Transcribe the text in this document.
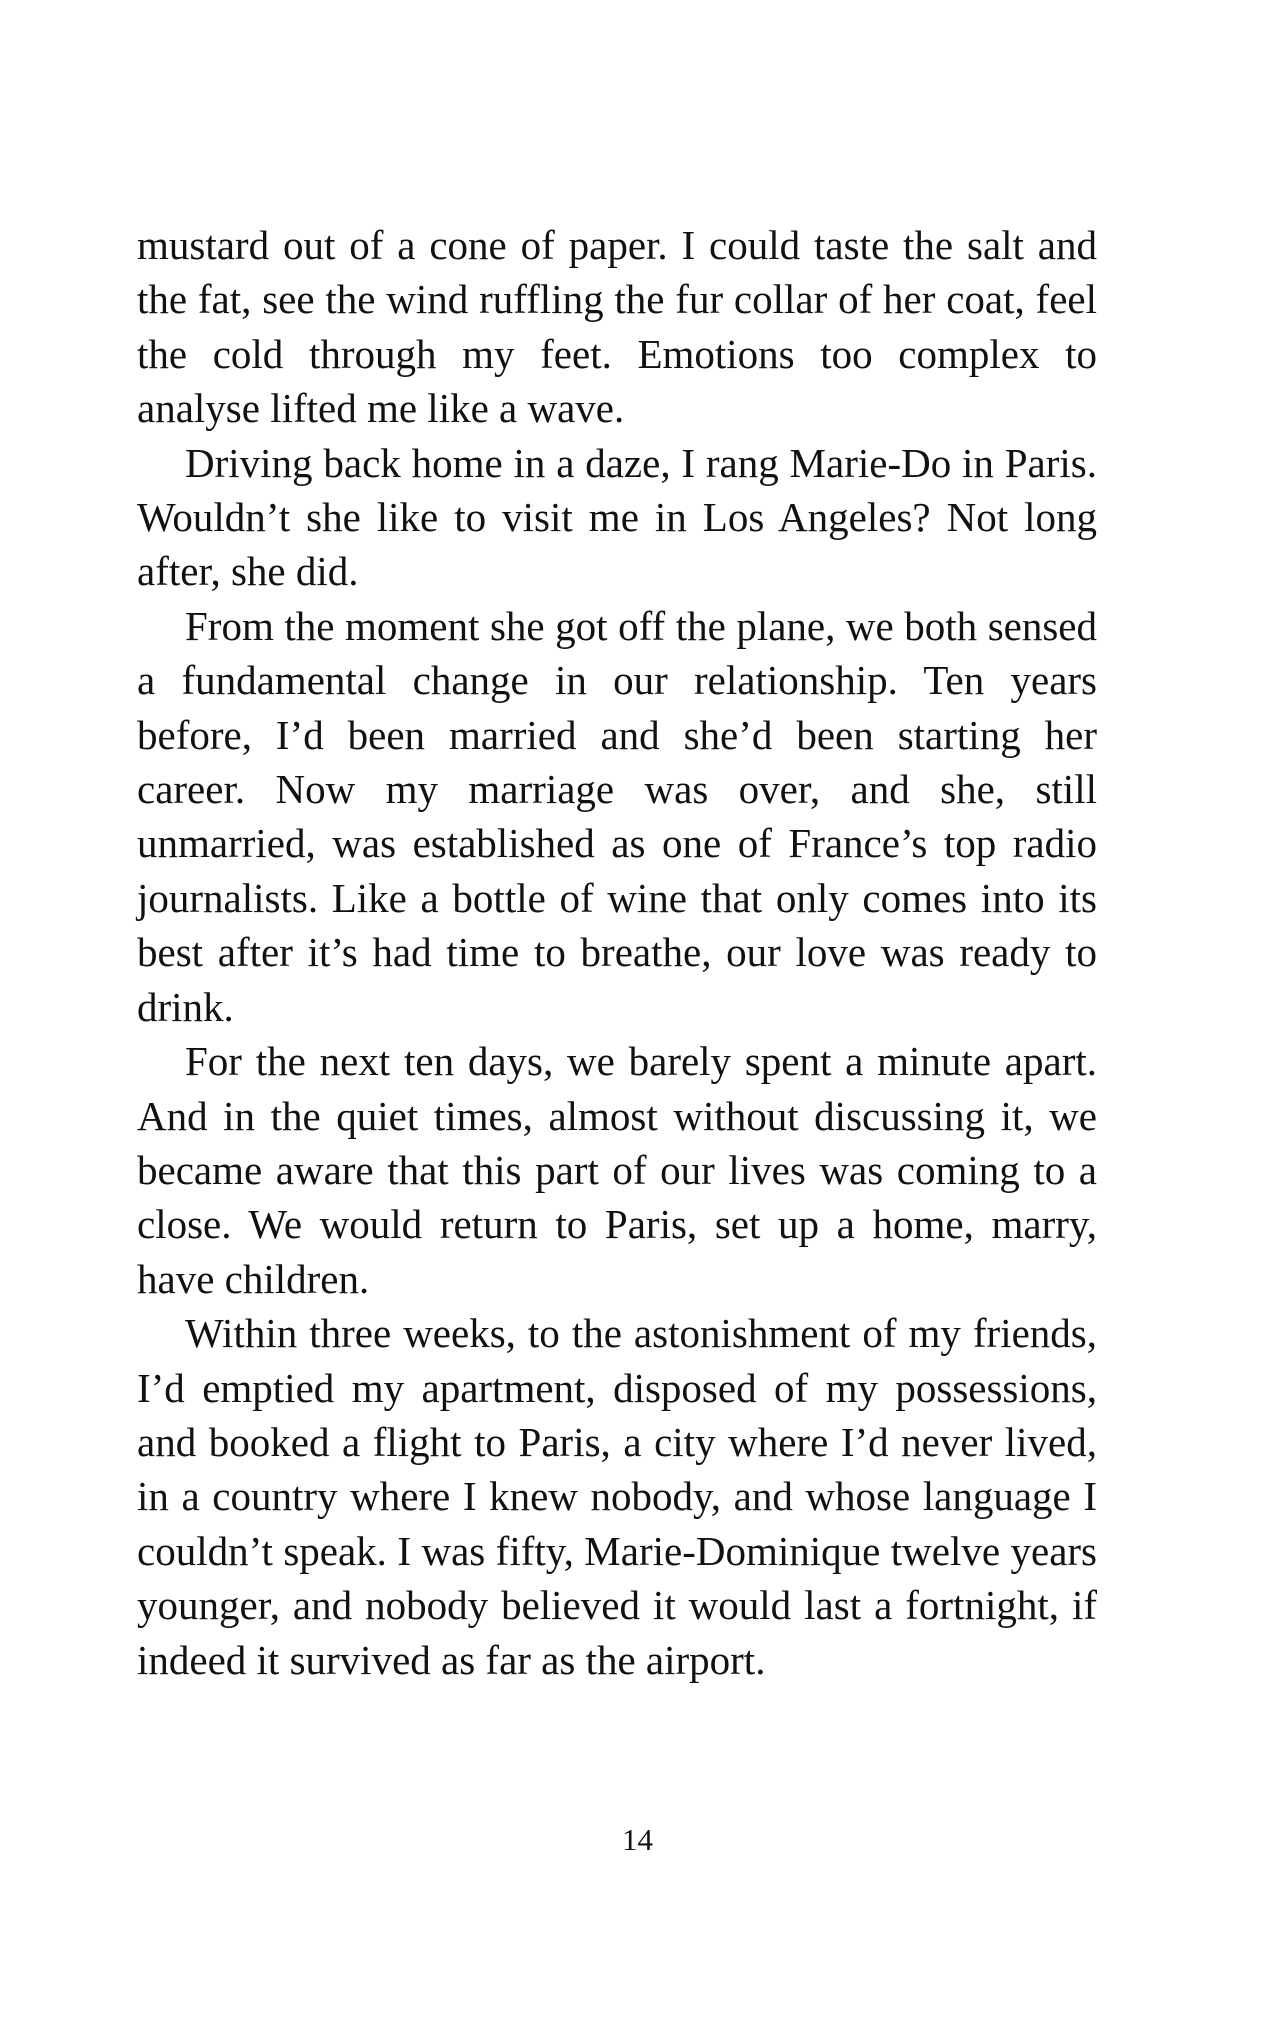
mustard out of a cone of paper. I could taste the salt and the fat, see the wind ruffling the fur collar of her coat, feel the cold through my feet. Emotions too complex to analyse lifted me like a wave.

Driving back home in a daze, I rang Marie-Do in Paris. Wouldn’t she like to visit me in Los Angeles? Not long after, she did.

From the moment she got off the plane, we both sensed a fundamental change in our relationship. Ten years before, I’d been married and she’d been starting her career. Now my marriage was over, and she, still unmarried, was established as one of France’s top radio journalists. Like a bottle of wine that only comes into its best after it’s had time to breathe, our love was ready to drink.

For the next ten days, we barely spent a minute apart. And in the quiet times, almost without discussing it, we became aware that this part of our lives was coming to a close. We would return to Paris, set up a home, marry, have children.

Within three weeks, to the astonishment of my friends, I’d emptied my apartment, disposed of my possessions, and booked a flight to Paris, a city where I’d never lived, in a country where I knew nobody, and whose language I couldn’t speak. I was fifty, Marie-Dominique twelve years younger, and nobody believed it would last a fortnight, if indeed it survived as far as the airport.

14
